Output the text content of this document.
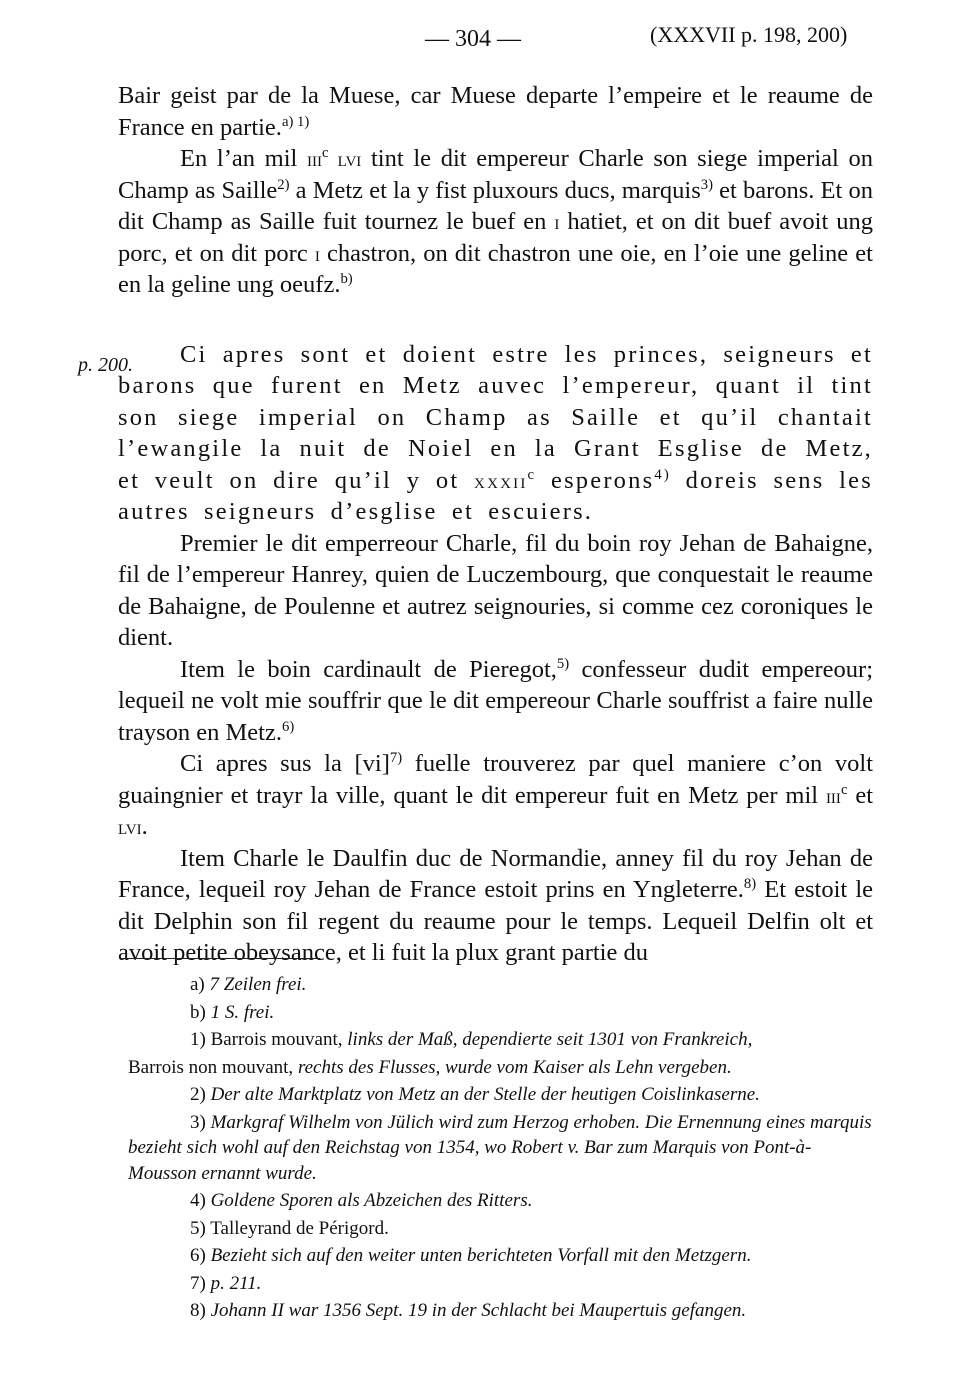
— 304 —	(XXXVII p. 198, 200)
p. 200.

Bair geist par de la Muese, car Muese departe l’empeire et le reaume de France en partie.$^{a) 1)}$

En l’an mil iii$^c$ lvi tint le dit empereur Charle son siege imperial on Champ as Saille$^{2)}$ a Metz et la y fist pluxours ducs, marquis$^{3)}$ et barons. Et on dit Champ as Saille fuit tournez le buef en i hatiet, et on dit buef avoit ung porc, et on dit porc i chastron, on dit chastron une oie, en l’oie une geline et en la geline ung oeufz.$^{b)}$

Ci apres sont et doient estre les princes, seigneurs et barons que furent en Metz auvec l’empereur, quant il tint son siege imperial on Champ as Saille et qu’il chantait l’ewangile la nuit de Noiel en la Grant Esglise de Metz, et veult on dire qu’il y ot xxxii$^c$ esperons$^{4)}$ doreis sens les autres seigneurs d’esglise et escuiers.

Premier le dit emperreour Charle, fil du boin roy Jehan de Bahaigne, fil de l’empereur Hanrey, quien de Luczembourg, que conquestait le reaume de Bahaigne, de Poulenne et autrez seignouries, si comme cez coroniques le dient.

Item le boin cardinault de Pieregot,$^{5)}$ confesseur dudit empereour; lequeil ne volt mie souffrir que le dit empereour Charle souffrist a faire nulle trayson en Metz.$^{6)}$

Ci apres sus la [vi]$^{7)}$ fuelle trouverez par quel maniere c’on volt guaingnier et trayr la ville, quant le dit empereur fuit en Metz per mil iii$^c$ et lvi.

Item Charle le Daulfin duc de Normandie, anney fil du roy Jehan de France, lequeil roy Jehan de France estoit prins en Yngleterre.$^{8)}$ Et estoit le dit Delphin son fil regent du reaume pour le temps. Lequeil Delfin olt et avoit petite obeysance, et li fuit la plux grant partie du

a) 7 Zeilen frei.

b) 1 S. frei.

1) Barrois mouvant, links der Maß, dependierte seit 1301 von Frankreich,

Barrois non mouvant, rechts des Flusses, wurde vom Kaiser als Lehn vergeben.

2) Der alte Marktplatz von Metz an der Stelle der heutigen Coislinkaserne.

3) Markgraf Wilhelm von Jülich wird zum Herzog erhoben. Die Ernennung eines marquis bezieht sich wohl auf den Reichstag von 1354, wo Robert v. Bar zum Marquis von Pont-à-Mousson ernannt wurde.

4) Goldene Sporen als Abzeichen des Ritters.

5) Talleyrand de Périgord.

6) Bezieht sich auf den weiter unten berichteten Vorfall mit den Metzgern.

7) p. 211.

8) Johann II war 1356 Sept. 19 in der Schlacht bei Maupertuis gefangen.
